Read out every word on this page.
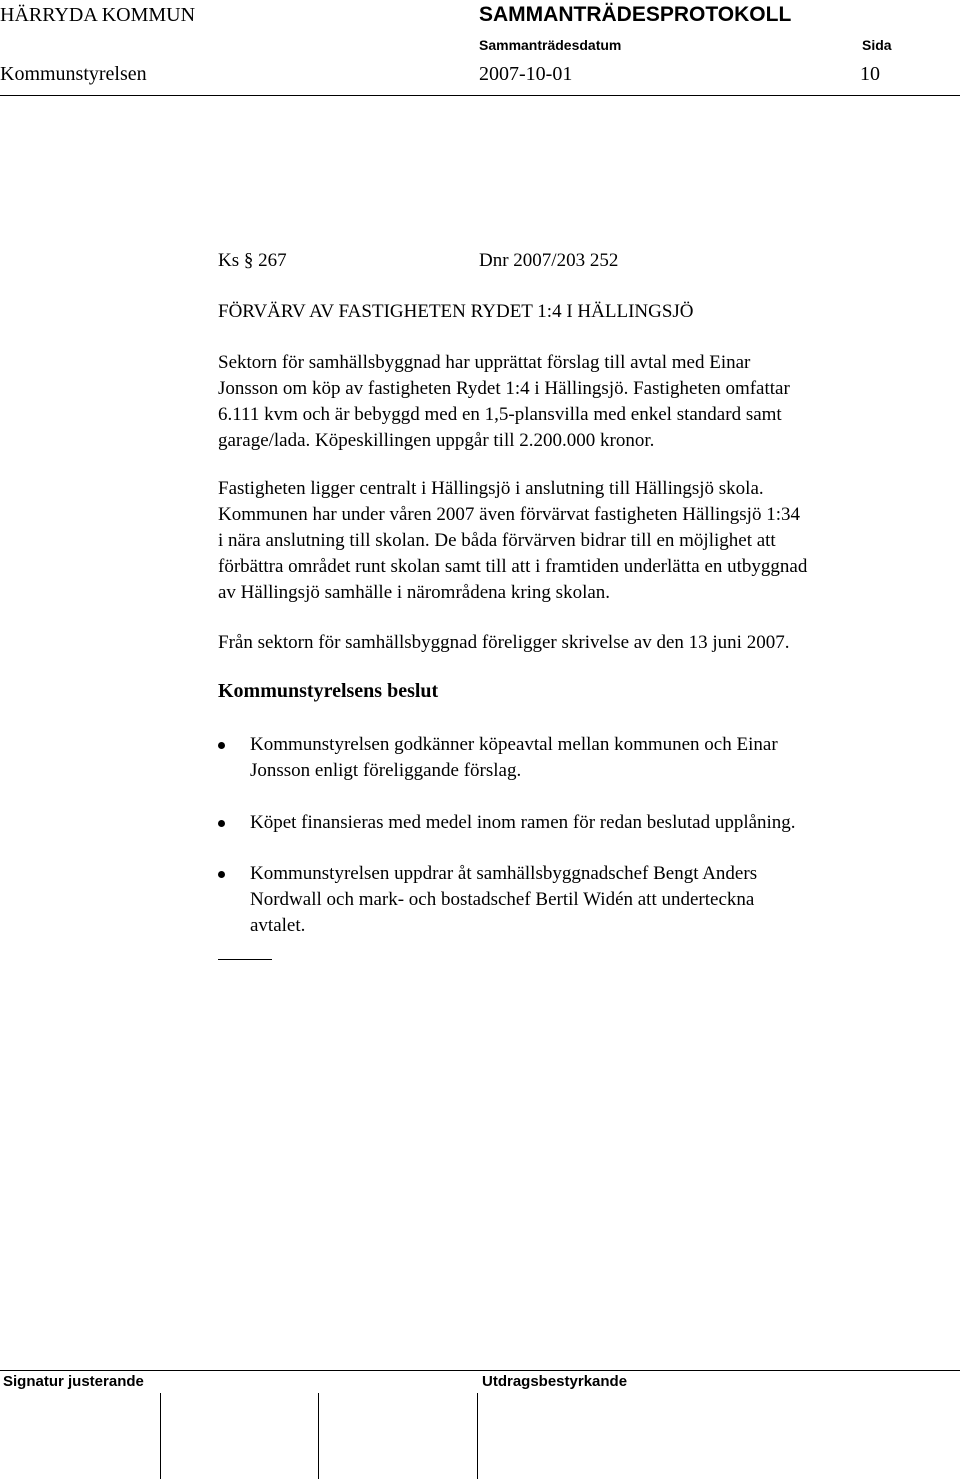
HÄRRYDA KOMMUN	SAMMANTRÄDESPROTOKOLL
Sammanträdesdatum	Sida
Kommunstyrelsen	2007-10-01	10
Ks § 267	Dnr 2007/203 252
FÖRVÄRV AV FASTIGHETEN RYDET 1:4 I HÄLLINGSJÖ
Sektorn för samhällsbyggnad har upprättat förslag till avtal med Einar
Jonsson om köp av fastigheten Rydet 1:4 i Hällingsjö. Fastigheten omfattar
6.111 kvm och är bebyggd med en 1,5-plansvilla med enkel standard samt
garage/lada. Köpeskillingen uppgår till 2.200.000 kronor.
Fastigheten ligger centralt i Hällingsjö i anslutning till Hällingsjö skola.
Kommunen har under våren 2007 även förvärvat fastigheten Hällingsjö 1:34
i nära anslutning till skolan. De båda förvärven bidrar till en möjlighet att
förbättra området runt skolan samt till att i framtiden underlätta en utbyggnad
av Hällingsjö samhälle i närområdena kring skolan.
Från sektorn för samhällsbyggnad föreligger skrivelse av den 13 juni 2007.
Kommunstyrelsens beslut
Kommunstyrelsen godkänner köpeavtal mellan kommunen och Einar
Jonsson enligt föreliggande förslag.
Köpet finansieras med medel inom ramen för redan beslutad upplåning.
Kommunstyrelsen uppdrar åt samhällsbyggnadschef Bengt Anders
Nordwall och mark- och bostadschef Bertil Widén att underteckna
avtalet.
Signatur justerande	Utdragsbestyrkande
